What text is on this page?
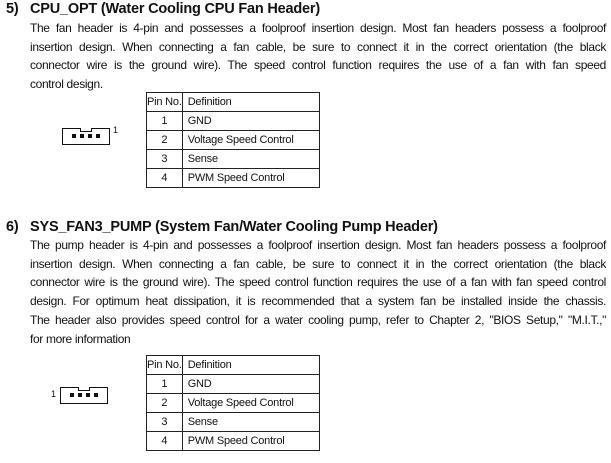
5) CPU_OPT (Water Cooling CPU Fan Header)
The fan header is 4-pin and possesses a foolproof insertion design. Most fan headers possess a foolproof
insertion design. When connecting a fan cable, be sure to connect it in the correct orientation (the black
connector wire is the ground wire). The speed control function requires the use of a fan with fan speed
control design.
1
Pin No.	Definition
1	GND
2	Voltage Speed Control
3	Sense
4	PWM Speed Control
6) SYS_FAN3_PUMP (System Fan/Water Cooling Pump Header)
The pump header is 4-pin and possesses a foolproof insertion design. Most fan headers possess a foolproof
insertion design. When connecting a fan cable, be sure to connect it in the correct orientation (the black
connector wire is the ground wire). The speed control function requires the use of a fan with fan speed control
design. For optimum heat dissipation, it is recommended that a system fan be installed inside the chassis.
The header also provides speed control for a water cooling pump, refer to Chapter 2, "BIOS Setup," "M.I.T.,"
for more information
1
Pin No.	Definition
1	GND
2	Voltage Speed Control
3	Sense
4	PWM Speed Control
